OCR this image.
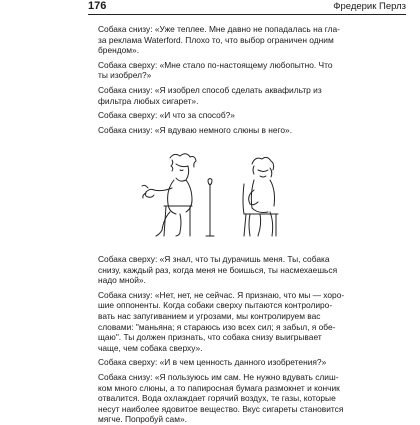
176	Фредерик Перлз
Собака снизу: «Уже теплее. Мне давно не попадалась на гла-
за реклама Waterford. Плохо то, что выбор ограничен одним
брендом».
Собака сверху: «Мне стало по-настоящему любопытно. Что
ты изобрел?»
Собака снизу: «Я изобрел способ сделать аквафильтр из
фильтра любых сигарет».
Собака сверху: «И что за способ?»
Собака снизу: «Я вдуваю немного слюны в него».
Собака сверху: «Я знал, что ты дурачишь меня. Ты, собака
снизу, каждый раз, когда меня не боишься, ты насмехаешься
надо мной».
Собака снизу: «Нет, нет, не сейчас. Я признаю, что мы — хоро-
шие оппоненты. Когда собаки сверху пытаются контролиро-
вать нас запугиванием и угрозами, мы контролируем вас
словами: "маньяна; я стараюсь изо всех сил; я забыл, я обе-
щаю". Ты должен признать, что собака снизу выигрывает
чаще, чем собака сверху».
Собака сверху: «И в чем ценность данного изобретения?»
Собака снизу: «Я пользуюсь им сам. Не нужно вдувать слиш-
ком много слюны, а то папиросная бумага размокнет и кончик
отвалится. Вода охлаждает горячий воздух, те газы, которые
несут наиболее ядовитое вещество. Вкус сигареты становится
мягче. Попробуй сам».
